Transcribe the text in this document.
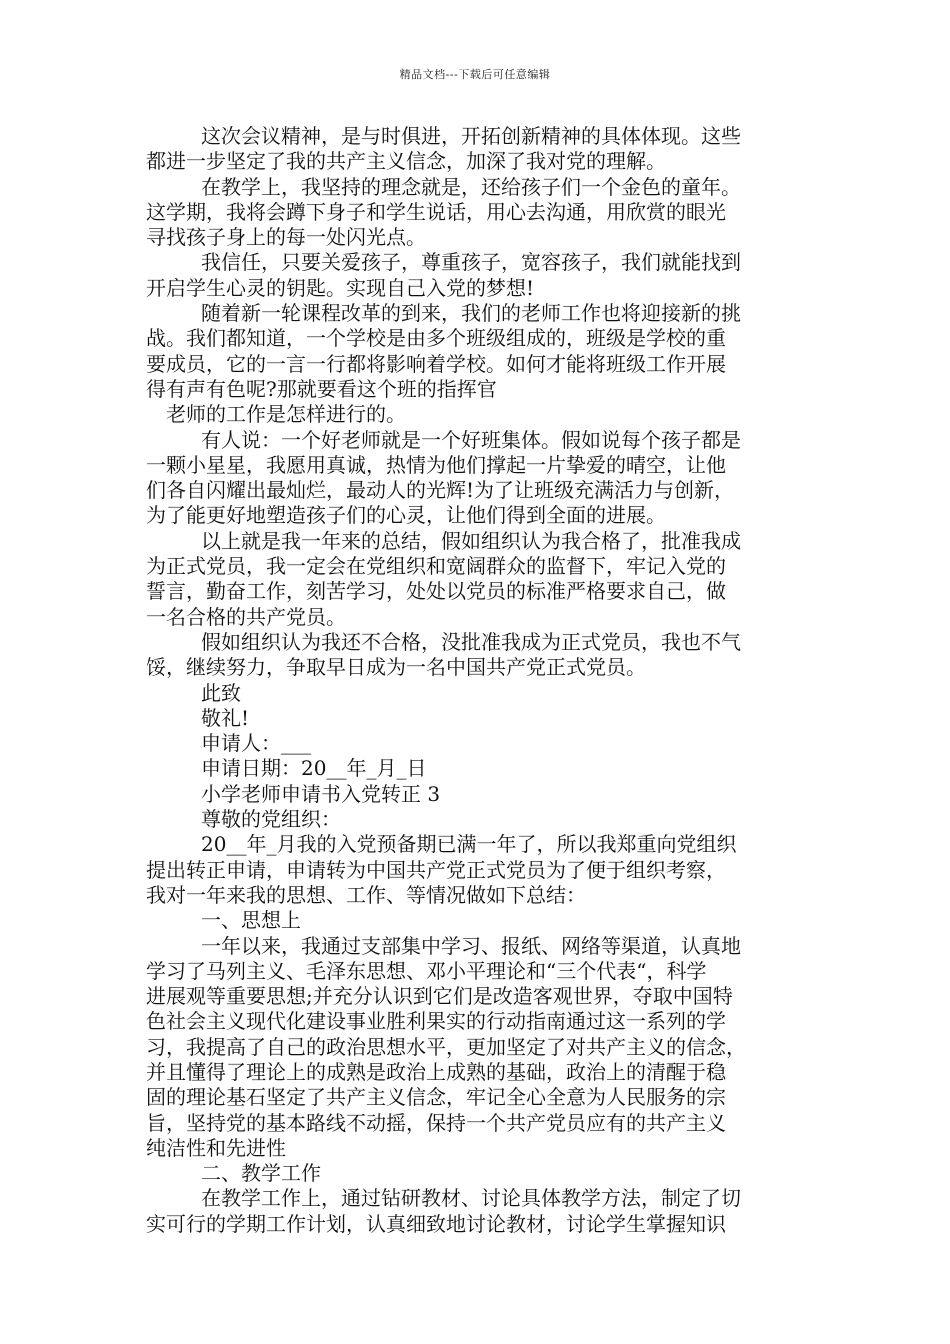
精品文档---下载后可任意编辑
这次会议精神，是与时俱进，开拓创新精神的具体体现。这些
都进一步坚定了我的共产主义信念，加深了我对党的理解。
在教学上，我坚持的理念就是，还给孩子们一个金色的童年。
这学期，我将会蹲下身子和学生说话，用心去沟通，用欣赏的眼光
寻找孩子身上的每一处闪光点。
我信任，只要关爱孩子，尊重孩子，宽容孩子，我们就能找到
开启学生心灵的钥匙。实现自己入党的梦想!
随着新一轮课程改革的到来，我们的老师工作也将迎接新的挑
战。我们都知道，一个学校是由多个班级组成的，班级是学校的重
要成员，它的一言一行都将影响着学校。如何才能将班级工作开展
得有声有色呢?那就要看这个班的指挥官
老师的工作是怎样进行的。
有人说：一个好老师就是一个好班集体。假如说每个孩子都是
一颗小星星，我愿用真诚，热情为他们撑起一片挚爱的晴空，让他
们各自闪耀出最灿烂，最动人的光辉!为了让班级充满活力与创新，
为了能更好地塑造孩子们的心灵，让他们得到全面的进展。
以上就是我一年来的总结，假如组织认为我合格了，批准我成
为正式党员，我一定会在党组织和宽阔群众的监督下，牢记入党的
誓言，勤奋工作，刻苦学习，处处以党员的标准严格要求自己，做
一名合格的共产党员。
假如组织认为我还不合格，没批准我成为正式党员，我也不气
馁，继续努力，争取早日成为一名中国共产党正式党员。
此致
敬礼!
申请人：___
申请日期：20__年_月_日
小学老师申请书入党转正 3
尊敬的党组织：
20__年_月我的入党预备期已满一年了，所以我郑重向党组织
提出转正申请，申请转为中国共产党正式党员为了便于组织考察，
我对一年来我的思想、工作、等情况做如下总结：
一、思想上
一年以来，我通过支部集中学习、报纸、网络等渠道，认真地
学习了马列主义、毛泽东思想、邓小平理论和“三个代表“，科学
进展观等重要思想;并充分认识到它们是改造客观世界，夺取中国特
色社会主义现代化建设事业胜利果实的行动指南通过这一系列的学
习，我提高了自己的政治思想水平，更加坚定了对共产主义的信念，
并且懂得了理论上的成熟是政治上成熟的基础，政治上的清醒于稳
固的理论基石坚定了共产主义信念，牢记全心全意为人民服务的宗
旨，坚持党的基本路线不动摇，保持一个共产党员应有的共产主义
纯洁性和先进性
二、教学工作
在教学工作上，通过钻研教材、讨论具体教学方法，制定了切
实可行的学期工作计划，认真细致地讨论教材，讨论学生掌握知识
